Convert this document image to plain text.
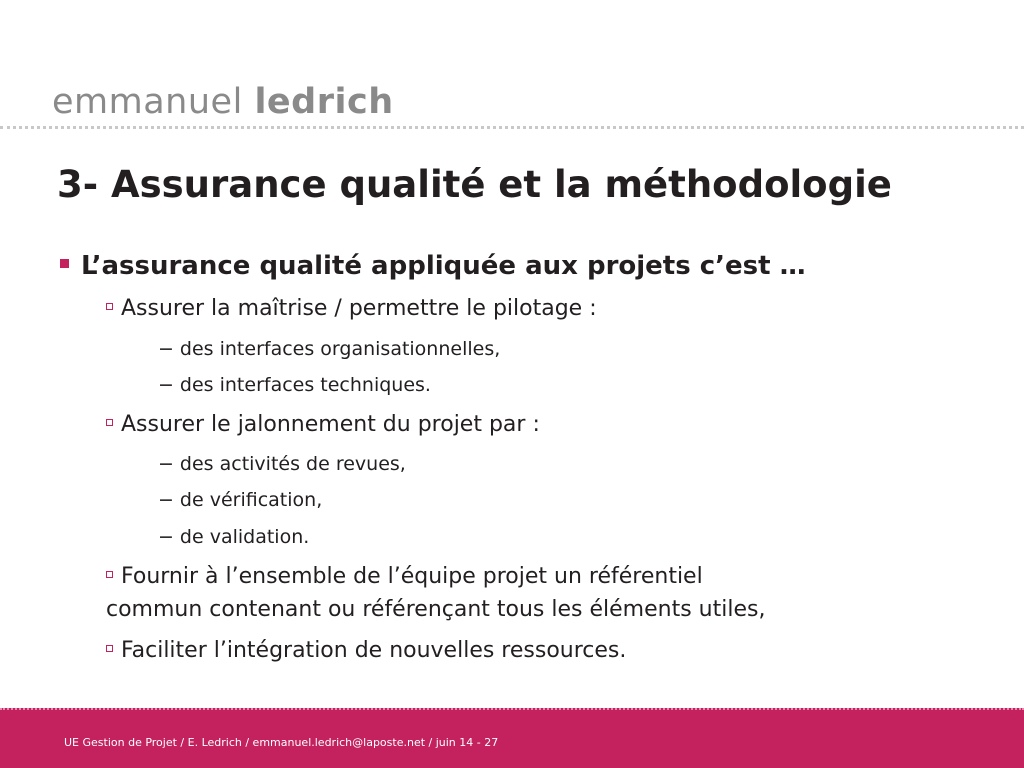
emmanuel ledrich
3- Assurance qualité et la méthodologie
L’assurance qualité appliquée aux projets c’est …
Assurer la maîtrise / permettre le pilotage :
− des interfaces organisationnelles,
− des interfaces techniques.
Assurer le jalonnement du projet par :
− des activités de revues,
− de vérification,
− de validation.
Fournir à l’ensemble de l’équipe projet un référentiel
commun contenant ou référençant tous les éléments utiles,
Faciliter l’intégration de nouvelles ressources.
UE Gestion de Projet / E. Ledrich / emmanuel.ledrich@laposte.net / juin 14 - 27
